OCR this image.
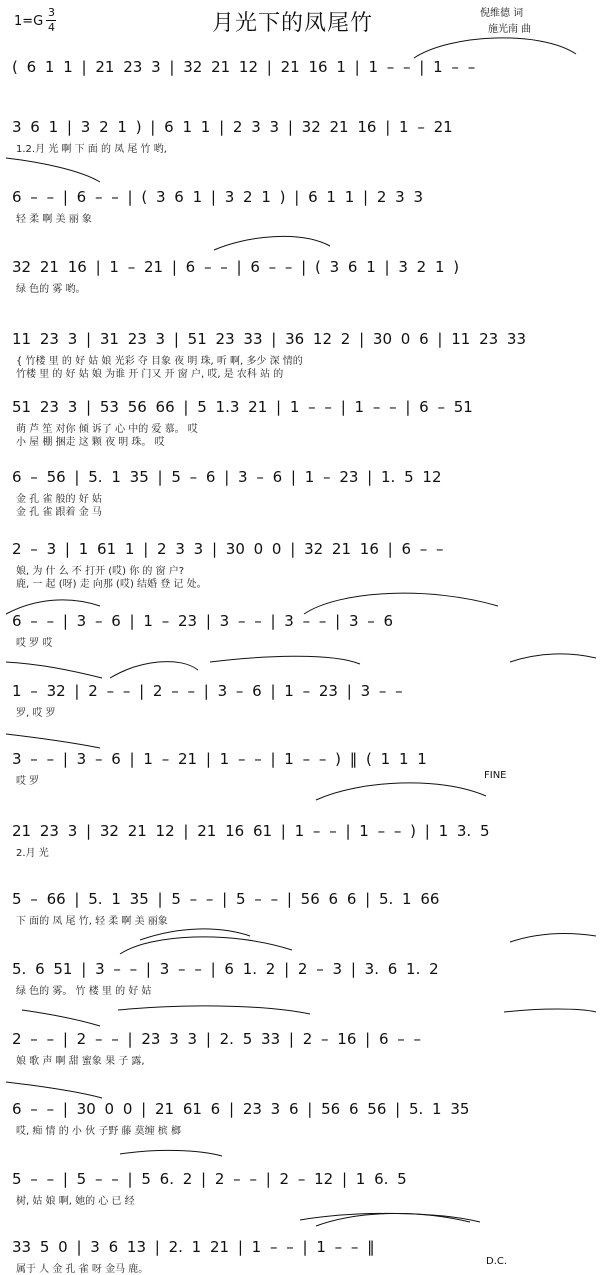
1=G
3
4	月光下的凤尾竹	倪维德 词
施光南 曲
( 6 1 1 | 21 23 3 | 32 21 12 | 21 16 1 | 1 – – | 1 – –
3 6 1 | 3 2 1 ) | 6 1 1 | 2 3 3 | 32 21 16 | 1 – 21
1.2.月 光 啊 下 面 的 凤 尾 竹 哟,
6 – – | 6 – – | ( 3 6 1 | 3 2 1 ) | 6 1 1 | 2 3 3
轻 柔 啊 美 丽 象
32 21 16 | 1 – 21 | 6 – – | 6 – – | ( 3 6 1 | 3 2 1 )
绿 色的 雾 哟。
11 23 3 | 31 23 3 | 51 23 33 | 36 12 2 | 30 0 6 | 11 23 33
{ 竹楼 里 的 好 姑 娘 光彩 夺 目象 夜 明 珠, 听 啊, 多少 深 情的
竹楼 里 的 好 姑 娘 为谁 开 门又 开 窗 户, 哎, 是 农科 站 的
51 23 3 | 53 56 66 | 5 1.3 21 | 1 – – | 1 – – | 6 – 51
萌 芦 笙 对你 倾 诉了 心 中的 爱 慕。 哎
小 屋 棚 捆走 这 颗 夜 明 珠。 哎
6 – 56 | 5. 1 35 | 5 – 6 | 3 – 6 | 1 – 23 | 1. 5 12
金 孔 雀 般的 好 姑
金 孔 雀 跟着 金 马
2 – 3 | 1 61 1 | 2 3 3 | 30 0 0 | 32 21 16 | 6 – –
娘, 为 什 么 不 打开 (哎) 你 的 窗 户?
鹿, 一 起 (呀) 走 向那 (哎) 结婚 登 记 处。
6 – – | 3 – 6 | 1 – 23 | 3 – – | 3 – – | 3 – 6
哎 罗 哎
1 – 32 | 2 – – | 2 – – | 3 – 6 | 1 – 23 | 3 – –
罗, 哎 罗
3 – – | 3 – 6 | 1 – 21 | 1 – – | 1 – – ) ‖ ( 1 1 1
哎 罗
21 23 3 | 32 21 12 | 21 16 61 | 1 – – | 1 – – ) | 1 3. 5
2.月 光
5 – 66 | 5. 1 35 | 5 – – | 5 – – | 56 6 6 | 5. 1 66
下 面的 凤 尾 竹, 轻 柔 啊 美 丽象
5. 6 51 | 3 – – | 3 – – | 6 1. 2 | 2 – 3 | 3. 6 1. 2
绿 色的 雾。 竹 楼 里 的 好 姑
2 – – | 2 – – | 23 3 3 | 2. 5 33 | 2 – 16 | 6 – –
娘 歌 声 啊 甜 蜜象 果 子 露,
6 – – | 30 0 0 | 21 61 6 | 23 3 6 | 56 6 56 | 5. 1 35
哎, 痴 情 的 小 伙 子野 藤 莫缠 槟 榔
5 – – | 5 – – | 5 6. 2 | 2 – – | 2 – 12 | 1 6. 5
树, 姑 娘 啊, 她的 心 已 经
33 5 0 | 3 6 13 | 2. 1 21 | 1 – – | 1 – – ‖
属于 人 金 孔 雀 呀 金马 鹿。
FINE
D.C.
